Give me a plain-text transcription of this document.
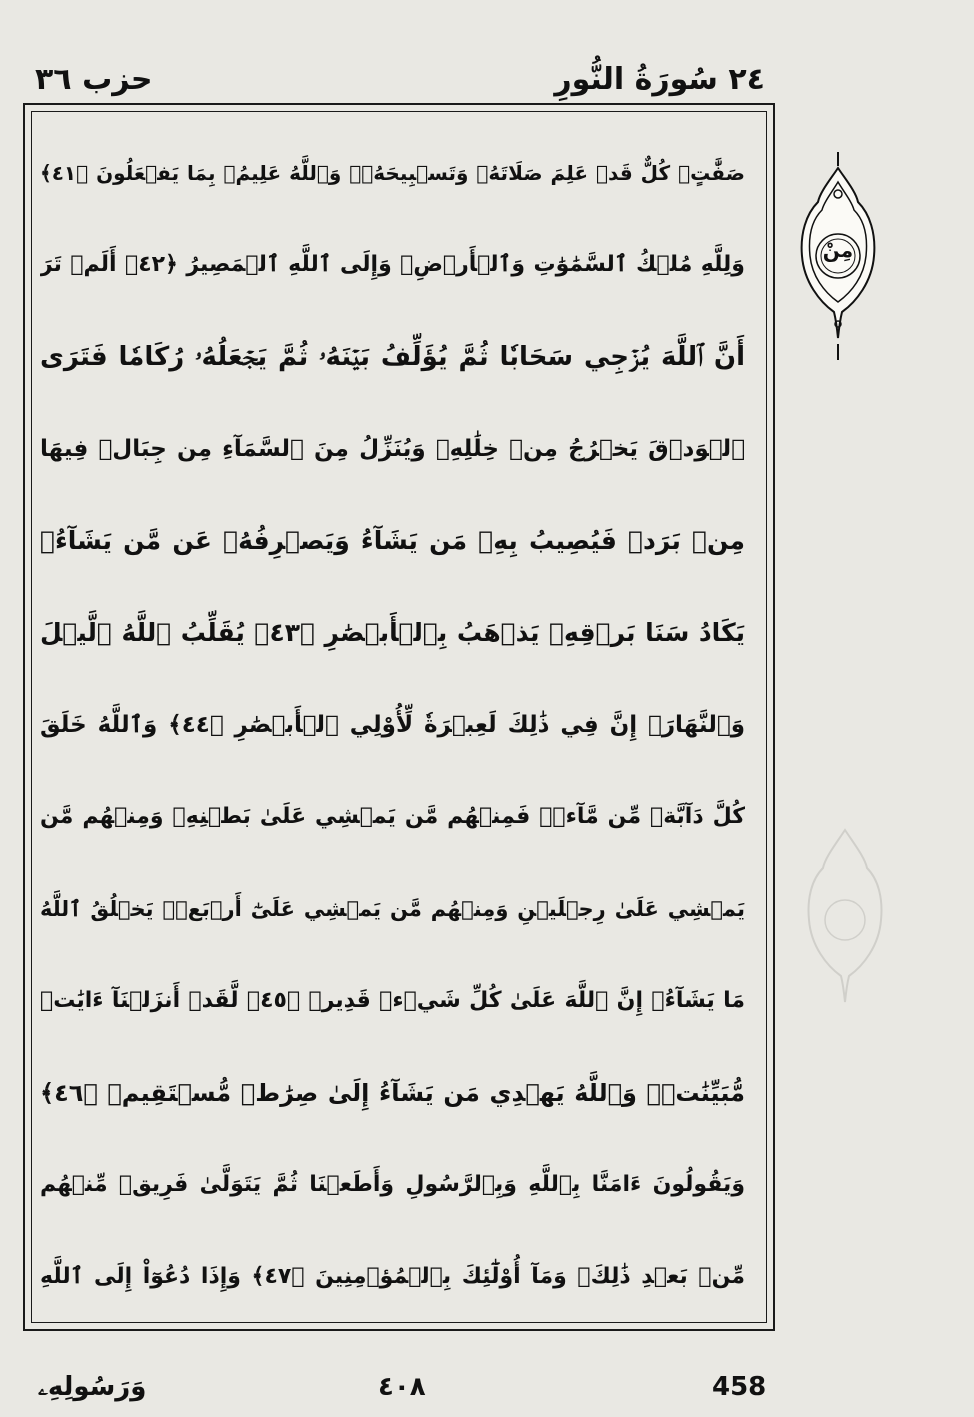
٢٤ سُورَةُ النُّورِ
حزب ٣٦
صَفَّٰتٍۖ كُلٌّ قَدۡ عَلِمَ صَلَاتَهُۥ وَتَسۡبِيحَهُۥۗ وَٱللَّهُ عَلِيمُۢ بِمَا يَفۡعَلُونَ ﴿٤١﴾
وَلِلَّهِ مُلۡكُ ٱلسَّمَٰوَٰتِ وَٱلۡأَرۡضِۖ وَإِلَى ٱللَّهِ ٱلۡمَصِيرُ ﴿٤٢﴾ أَلَمۡ تَرَ
أَنَّ ٱللَّهَ يُزۡجِي سَحَابٗا ثُمَّ يُؤَلِّفُ بَيۡنَهُۥ ثُمَّ يَجۡعَلُهُۥ رُكَامٗا فَتَرَى
ٱلۡوَدۡقَ يَخۡرُجُ مِنۡ خِلَٰلِهِۦ وَيُنَزِّلُ مِنَ ٱلسَّمَآءِ مِن جِبَالٖ فِيهَا
مِنۢ بَرَدٖ فَيُصِيبُ بِهِۦ مَن يَشَآءُ وَيَصۡرِفُهُۥ عَن مَّن يَشَآءُۖ
يَكَادُ سَنَا بَرۡقِهِۦ يَذۡهَبُ بِٱلۡأَبۡصَٰرِ ﴿٤٣﴾ يُقَلِّبُ ٱللَّهُ ٱلَّيۡلَ
وَٱلنَّهَارَۚ إِنَّ فِي ذَٰلِكَ لَعِبۡرَةٗ لِّأُوْلِي ٱلۡأَبۡصَٰرِ ﴿٤٤﴾ وَٱللَّهُ خَلَقَ
كُلَّ دَآبَّةٖ مِّن مَّآءٖۖ فَمِنۡهُم مَّن يَمۡشِي عَلَىٰ بَطۡنِهِۦ وَمِنۡهُم مَّن
يَمۡشِي عَلَىٰ رِجۡلَيۡنِ وَمِنۡهُم مَّن يَمۡشِي عَلَىٰٓ أَرۡبَعٖۚ يَخۡلُقُ ٱللَّهُ
مَا يَشَآءُۚ إِنَّ ٱللَّهَ عَلَىٰ كُلِّ شَيۡءٖ قَدِيرٞ ﴿٤٥﴾ لَّقَدۡ أَنزَلۡنَآ ءَايَٰتٖ
مُّبَيِّنَٰتٖۚ وَٱللَّهُ يَهۡدِي مَن يَشَآءُ إِلَىٰ صِرَٰطٖ مُّسۡتَقِيمٖ ﴿٤٦﴾
وَيَقُولُونَ ءَامَنَّا بِٱللَّهِ وَبِٱلرَّسُولِ وَأَطَعۡنَا ثُمَّ يَتَوَلَّىٰ فَرِيقٞ مِّنۡهُم
مِّنۢ بَعۡدِ ذَٰلِكَۚ وَمَآ أُوْلَٰٓئِكَ بِٱلۡمُؤۡمِنِينَ ﴿٤٧﴾ وَإِذَا دُعُوٓاْ إِلَى ٱللَّهِ
مِنْ
وَرَسُولِهِۦ	٤٠٨	458
